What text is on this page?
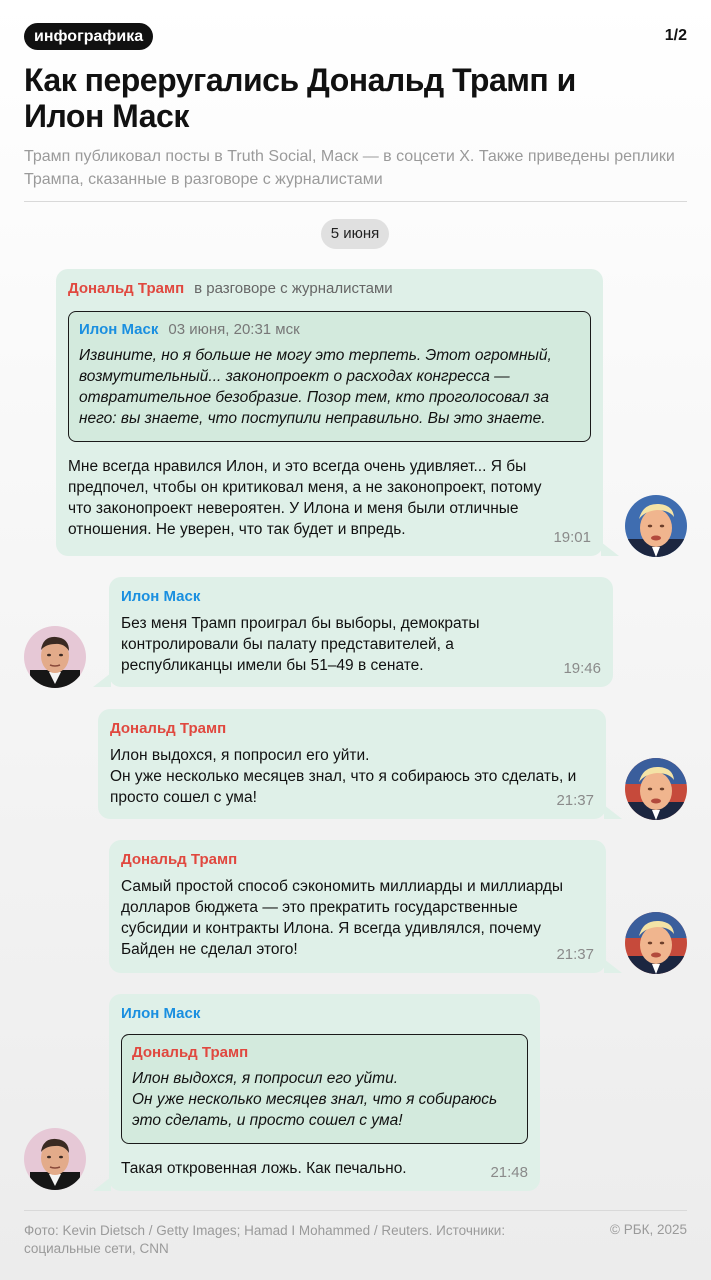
инфографика	1/2
Как переругались Дональд Трамп и Илон Маск
Трамп публиковал посты в Truth Social, Маск — в соцсети X. Также приведены реплики Трампа, сказанные в разговоре с журналистами
5 июня
Дональд Трамп в разговоре с журналистами
Илон Маск 03 июня, 20:31 мск
Извините, но я больше не могу это терпеть. Этот огромный, возмутительный... законопроект о расходах конгресса — отвратительное безобразие. Позор тем, кто проголосовал за него: вы знаете, что поступили неправильно. Вы это знаете.
Мне всегда нравился Илон, и это всегда очень удивляет... Я бы предпочел, чтобы он критиковал меня, а не законопроект, потому что законопроект невероятен. У Илона и меня были отличные отношения. Не уверен, что так будет и впредь.	19:01
Илон Маск
Без меня Трамп проиграл бы выборы, демократы контролировали бы палату представителей, а республиканцы имели бы 51–49 в сенате.	19:46
Дональд Трамп
Илон выдохся, я попросил его уйти.
Он уже несколько месяцев знал, что я собираюсь это сделать, и просто сошел с ума!	21:37
Дональд Трамп
Самый простой способ сэкономить миллиарды и миллиарды долларов бюджета — это прекратить государственные субсидии и контракты Илона. Я всегда удивлялся, почему Байден не сделал этого!	21:37
Илон Маск
Дональд Трамп
Илон выдохся, я попросил его уйти.
Он уже несколько месяцев знал, что я собираюсь это сделать, и просто сошел с ума!
Такая откровенная ложь. Как печально.	21:48
Фото: Kevin Dietsch / Getty Images; Hamad I Mohammed / Reuters. Источники: социальные сети, CNN
© РБК, 2025
